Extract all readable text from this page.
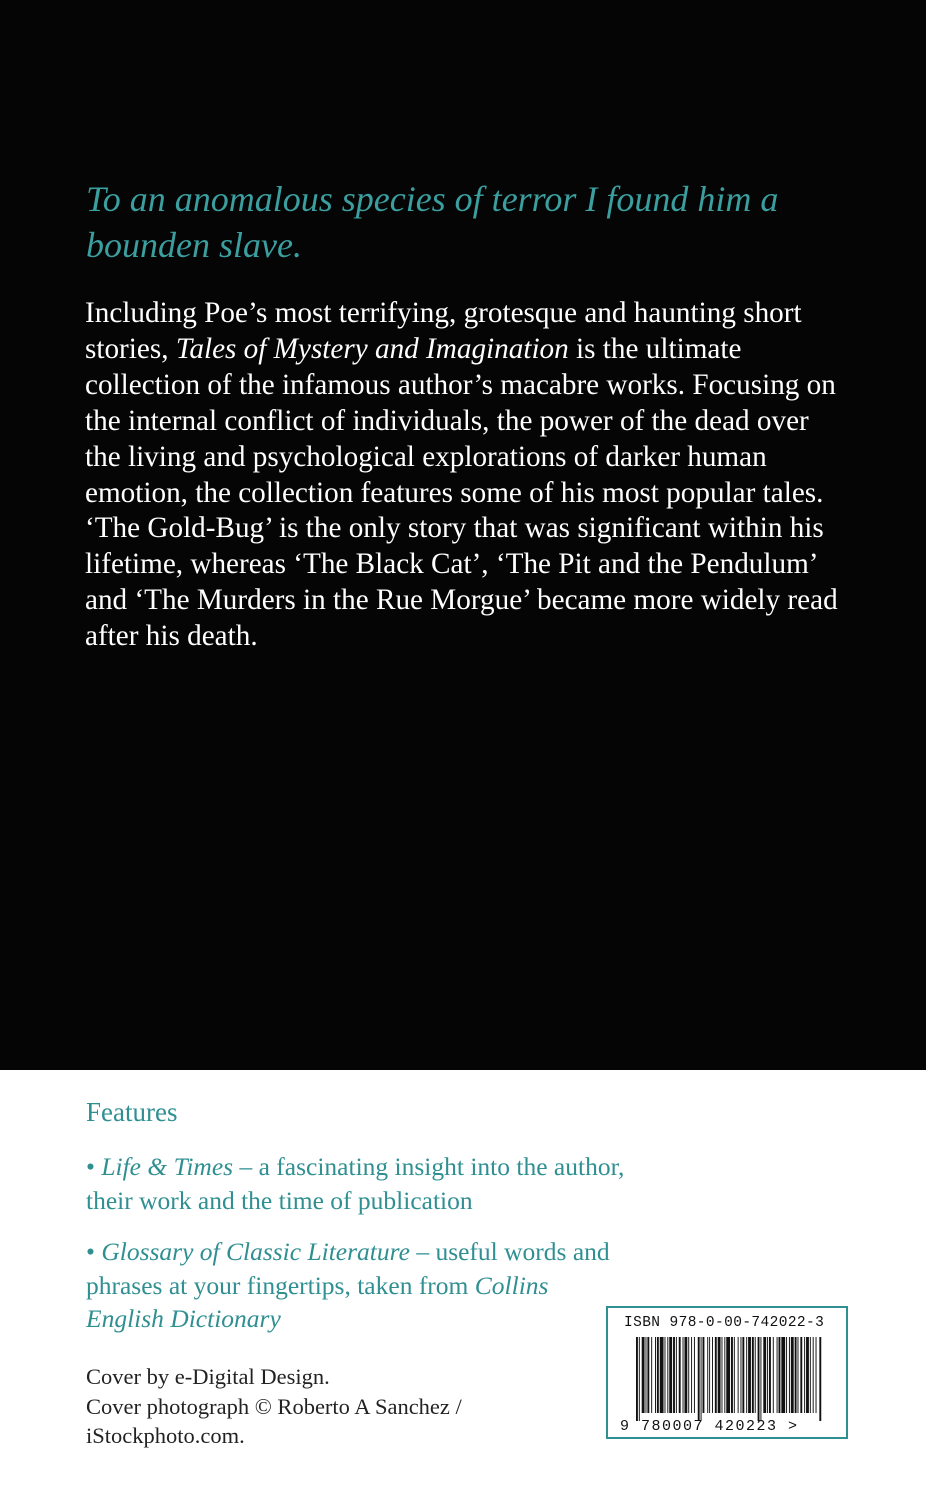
To an anomalous species of terror I found him a bounden slave.

Including Poe’s most terrifying, grotesque and haunting short stories, Tales of Mystery and Imagination is the ultimate collection of the infamous author’s macabre works. Focusing on the internal conflict of individuals, the power of the dead over the living and psychological explorations of darker human emotion, the collection features some of his most popular tales. ‘The Gold-Bug’ is the only story that was significant within his lifetime, whereas ‘The Black Cat’, ‘The Pit and the Pendulum’ and ‘The Murders in the Rue Morgue’ became more widely read after his death.

Features

• Life & Times – a fascinating insight into the author, their work and the time of publication

• Glossary of Classic Literature – useful words and phrases at your fingertips, taken from Collins English Dictionary

Cover by e-Digital Design.
Cover photograph © Roberto A Sanchez / iStockphoto.com.

ISBN 978-0-00-742022-3
9 780007 420223 >
